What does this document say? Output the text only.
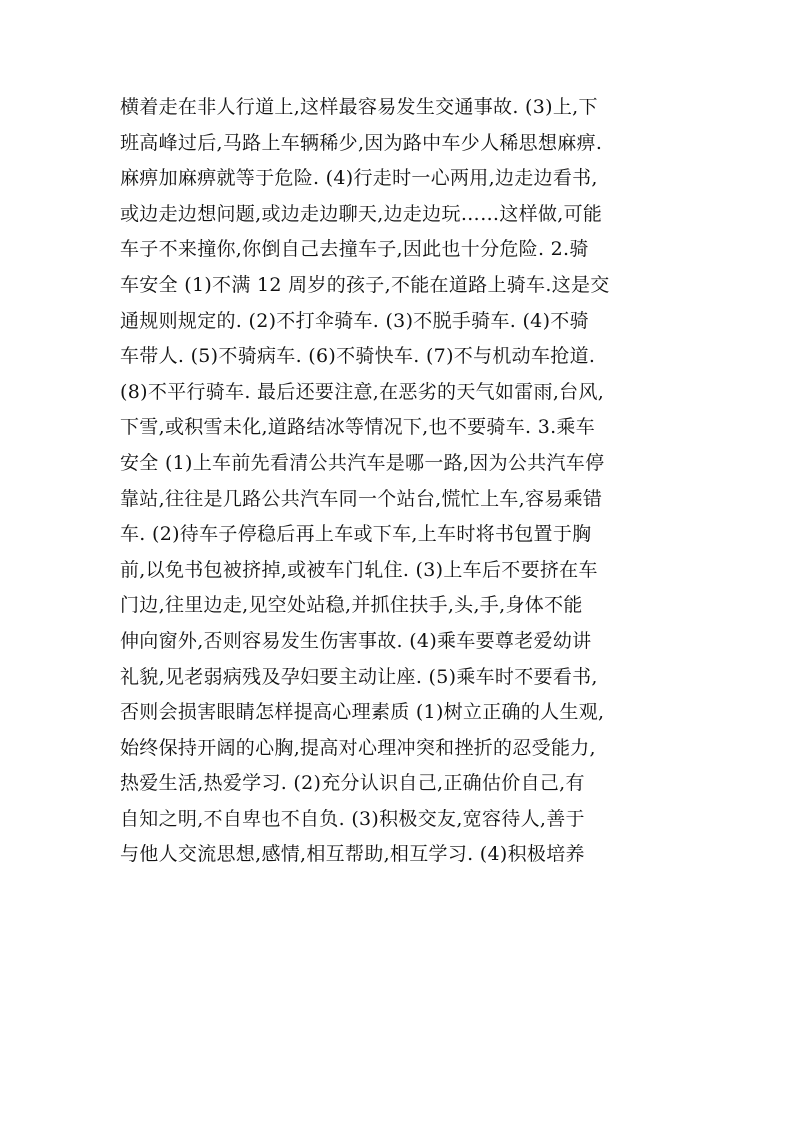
横着走在非人行道上,这样最容易发生交通事故. (3)上,下
班高峰过后,马路上车辆稀少,因为路中车少人稀思想麻痹.
麻痹加麻痹就等于危险. (4)行走时一心两用,边走边看书,
或边走边想问题,或边走边聊天,边走边玩……这样做,可能
车子不来撞你,你倒自己去撞车子,因此也十分危险. 2.骑
车安全 (1)不满 12 周岁的孩子,不能在道路上骑车.这是交
通规则规定的. (2)不打伞骑车. (3)不脱手骑车. (4)不骑
车带人. (5)不骑病车. (6)不骑快车. (7)不与机动车抢道.
(8)不平行骑车. 最后还要注意,在恶劣的天气如雷雨,台风,
下雪,或积雪未化,道路结冰等情况下,也不要骑车. 3.乘车
安全 (1)上车前先看清公共汽车是哪一路,因为公共汽车停
靠站,往往是几路公共汽车同一个站台,慌忙上车,容易乘错
车. (2)待车子停稳后再上车或下车,上车时将书包置于胸
前,以免书包被挤掉,或被车门轧住. (3)上车后不要挤在车
门边,往里边走,见空处站稳,并抓住扶手,头,手,身体不能
伸向窗外,否则容易发生伤害事故. (4)乘车要尊老爱幼讲
礼貌,见老弱病残及孕妇要主动让座. (5)乘车时不要看书,
否则会损害眼睛怎样提高心理素质 (1)树立正确的人生观,
始终保持开阔的心胸,提高对心理冲突和挫折的忍受能力,
热爱生活,热爱学习. (2)充分认识自己,正确估价自己,有
自知之明,不自卑也不自负. (3)积极交友,宽容待人,善于
与他人交流思想,感情,相互帮助,相互学习. (4)积极培养
